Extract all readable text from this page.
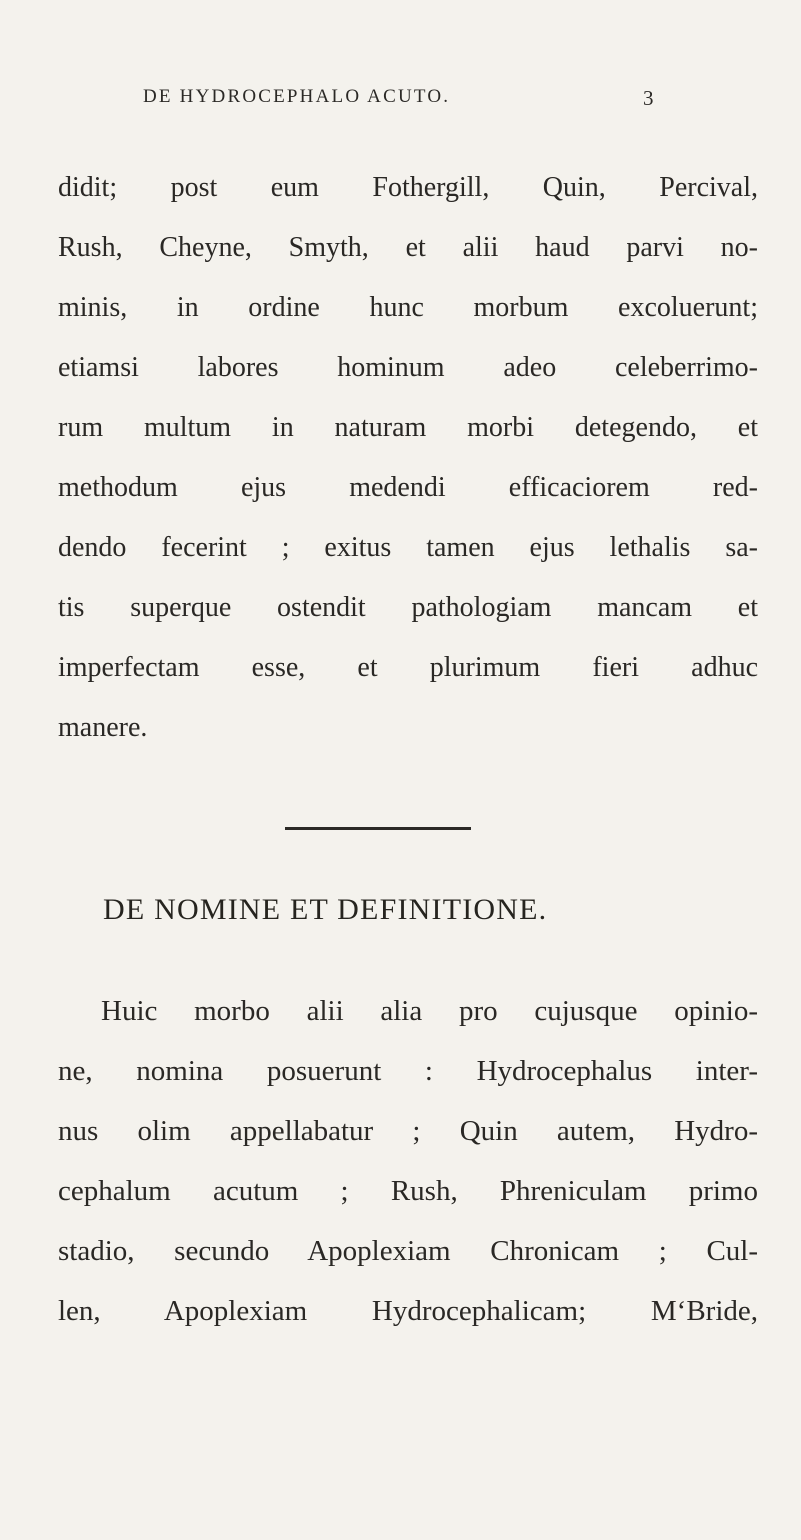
DE HYDROCEPHALO ACUTO.	3
didit; post eum Fothergill, Quin, Percival,
Rush, Cheyne, Smyth, et alii haud parvi no-
minis, in ordine hunc morbum excoluerunt;
etiamsi labores hominum adeo celeberrimo-
rum multum in naturam morbi detegendo, et
methodum ejus medendi efficaciorem red-
dendo fecerint ; exitus tamen ejus lethalis sa-
tis superque ostendit pathologiam mancam et
imperfectam esse, et plurimum fieri adhuc
manere.
DE NOMINE ET DEFINITIONE.
Huic morbo alii alia pro cujusque opinio-
ne, nomina posuerunt : Hydrocephalus inter-
nus olim appellabatur ; Quin autem, Hydro-
cephalum acutum ; Rush, Phreniculam primo
stadio, secundo Apoplexiam Chronicam ; Cul-
len, Apoplexiam Hydrocephalicam; M‘Bride,
